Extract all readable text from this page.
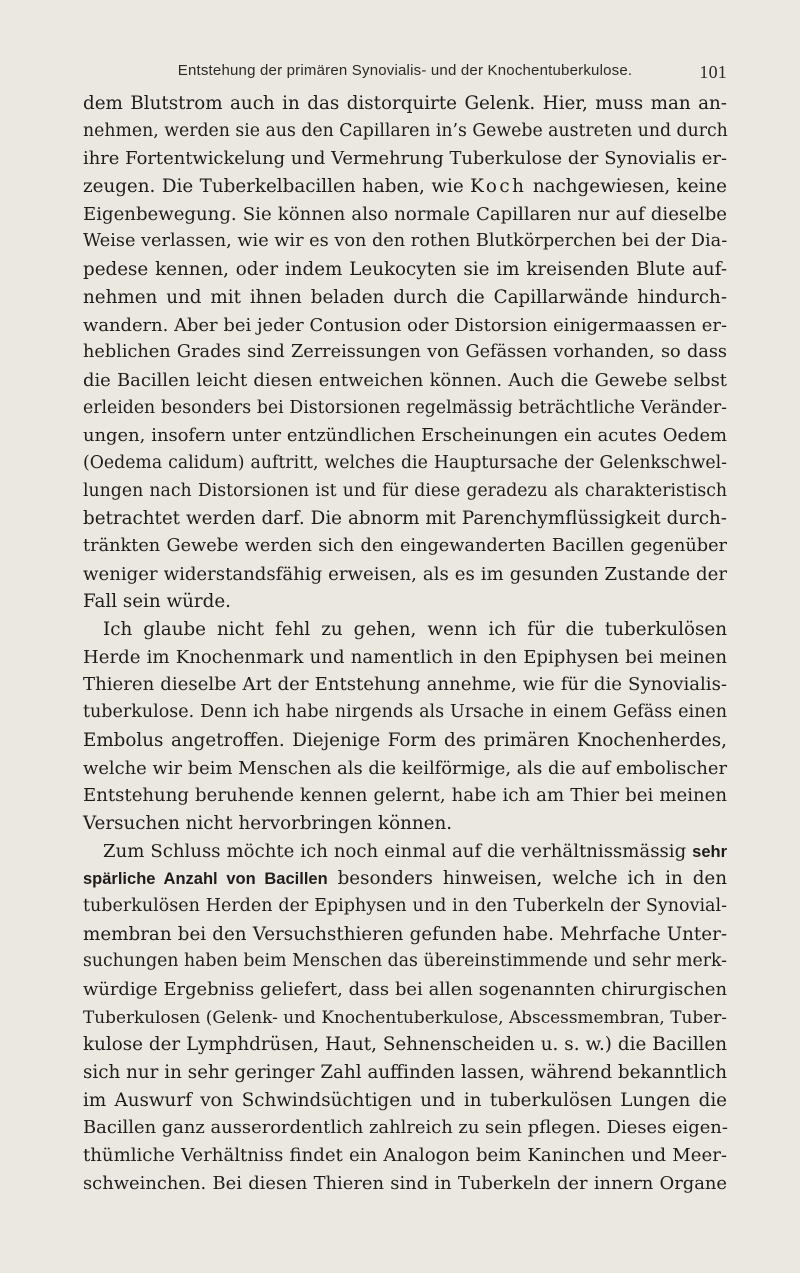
Entstehung der primären Synovialis- und der Knochentuberkulose.	101
dem Blutstrom auch in das distorquirte Gelenk. Hier, muss man an-
nehmen, werden sie aus den Capillaren in’s Gewebe austreten und durch
ihre Fortentwickelung und Vermehrung Tuberkulose der Synovialis er-
zeugen. Die Tuberkelbacillen haben, wie Koch nachgewiesen, keine
Eigenbewegung. Sie können also normale Capillaren nur auf dieselbe
Weise verlassen, wie wir es von den rothen Blutkörperchen bei der Dia-
pedese kennen, oder indem Leukocyten sie im kreisenden Blute auf-
nehmen und mit ihnen beladen durch die Capillarwände hindurch-
wandern. Aber bei jeder Contusion oder Distorsion einigermaassen er-
heblichen Grades sind Zerreissungen von Gefässen vorhanden, so dass
die Bacillen leicht diesen entweichen können. Auch die Gewebe selbst
erleiden besonders bei Distorsionen regelmässig beträchtliche Veränder-
ungen, insofern unter entzündlichen Erscheinungen ein acutes Oedem
(Oedema calidum) auftritt, welches die Hauptursache der Gelenkschwel-
lungen nach Distorsionen ist und für diese geradezu als charakteristisch
betrachtet werden darf. Die abnorm mit Parenchymflüssigkeit durch-
tränkten Gewebe werden sich den eingewanderten Bacillen gegenüber
weniger widerstandsfähig erweisen, als es im gesunden Zustande der
Fall sein würde.
Ich glaube nicht fehl zu gehen, wenn ich für die tuberkulösen
Herde im Knochenmark und namentlich in den Epiphysen bei meinen
Thieren dieselbe Art der Entstehung annehme, wie für die Synovialis-
tuberkulose. Denn ich habe nirgends als Ursache in einem Gefäss einen
Embolus angetroffen. Diejenige Form des primären Knochenherdes,
welche wir beim Menschen als die keilförmige, als die auf embolischer
Entstehung beruhende kennen gelernt, habe ich am Thier bei meinen
Versuchen nicht hervorbringen können.
Zum Schluss möchte ich noch einmal auf die verhältnissmässig sehr
spärliche Anzahl von Bacillen besonders hinweisen, welche ich in den
tuberkulösen Herden der Epiphysen und in den Tuberkeln der Synovial-
membran bei den Versuchsthieren gefunden habe. Mehrfache Unter-
suchungen haben beim Menschen das übereinstimmende und sehr merk-
würdige Ergebniss geliefert, dass bei allen sogenannten chirurgischen
Tuberkulosen (Gelenk- und Knochentuberkulose, Abscessmembran, Tuber-
kulose der Lymphdrüsen, Haut, Sehnenscheiden u. s. w.) die Bacillen
sich nur in sehr geringer Zahl auffinden lassen, während bekanntlich
im Auswurf von Schwindsüchtigen und in tuberkulösen Lungen die
Bacillen ganz ausserordentlich zahlreich zu sein pflegen. Dieses eigen-
thümliche Verhältniss findet ein Analogon beim Kaninchen und Meer-
schweinchen. Bei diesen Thieren sind in Tuberkeln der innern Organe
